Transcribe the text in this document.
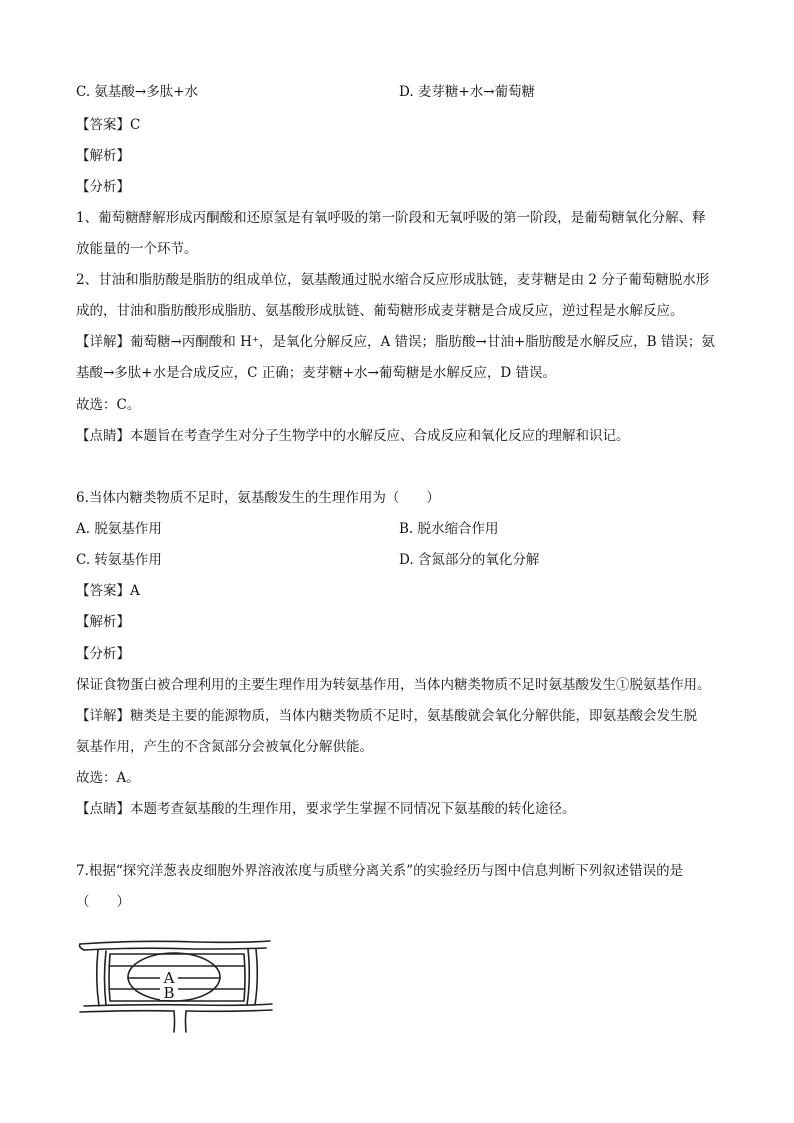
C. 氨基酸→多肽+水	D. 麦芽糖+水→葡萄糖
【答案】C
【解析】
【分析】
1、葡萄糖酵解形成丙酮酸和还原氢是有氧呼吸的第一阶段和无氧呼吸的第一阶段，是葡萄糖氧化分解、释
放能量的一个环节。
2、甘油和脂肪酸是脂肪的组成单位，氨基酸通过脱水缩合反应形成肽链，麦芽糖是由 2 分子葡萄糖脱水形
成的，甘油和脂肪酸形成脂肪、氨基酸形成肽链、葡萄糖形成麦芽糖是合成反应，逆过程是水解反应。
【详解】葡萄糖→丙酮酸和 H⁺，是氧化分解反应，A 错误；脂肪酸→甘油+脂肪酸是水解反应，B 错误；氨
基酸→多肽+水是合成反应，C 正确；麦芽糖+水→葡萄糖是水解反应，D 错误。
故选：C。
【点睛】本题旨在考查学生对分子生物学中的水解反应、合成反应和氧化反应的理解和识记。
6.当体内糖类物质不足时，氨基酸发生的生理作用为（　　）
A. 脱氨基作用	B. 脱水缩合作用
C. 转氨基作用	D. 含氮部分的氧化分解
【答案】A
【解析】
【分析】
保证食物蛋白被合理利用的主要生理作用为转氨基作用，当体内糖类物质不足时氨基酸发生①脱氨基作用。
【详解】糖类是主要的能源物质，当体内糖类物质不足时，氨基酸就会氧化分解供能，即氨基酸会发生脱
氨基作用，产生的不含氮部分会被氧化分解供能。
故选：A。
【点睛】本题考查氨基酸的生理作用，要求学生掌握不同情况下氨基酸的转化途径。
7.根据“探究洋葱表皮细胞外界溶液浓度与质壁分离关系”的实验经历与图中信息判断下列叙述错误的是
（　　）
A
B
